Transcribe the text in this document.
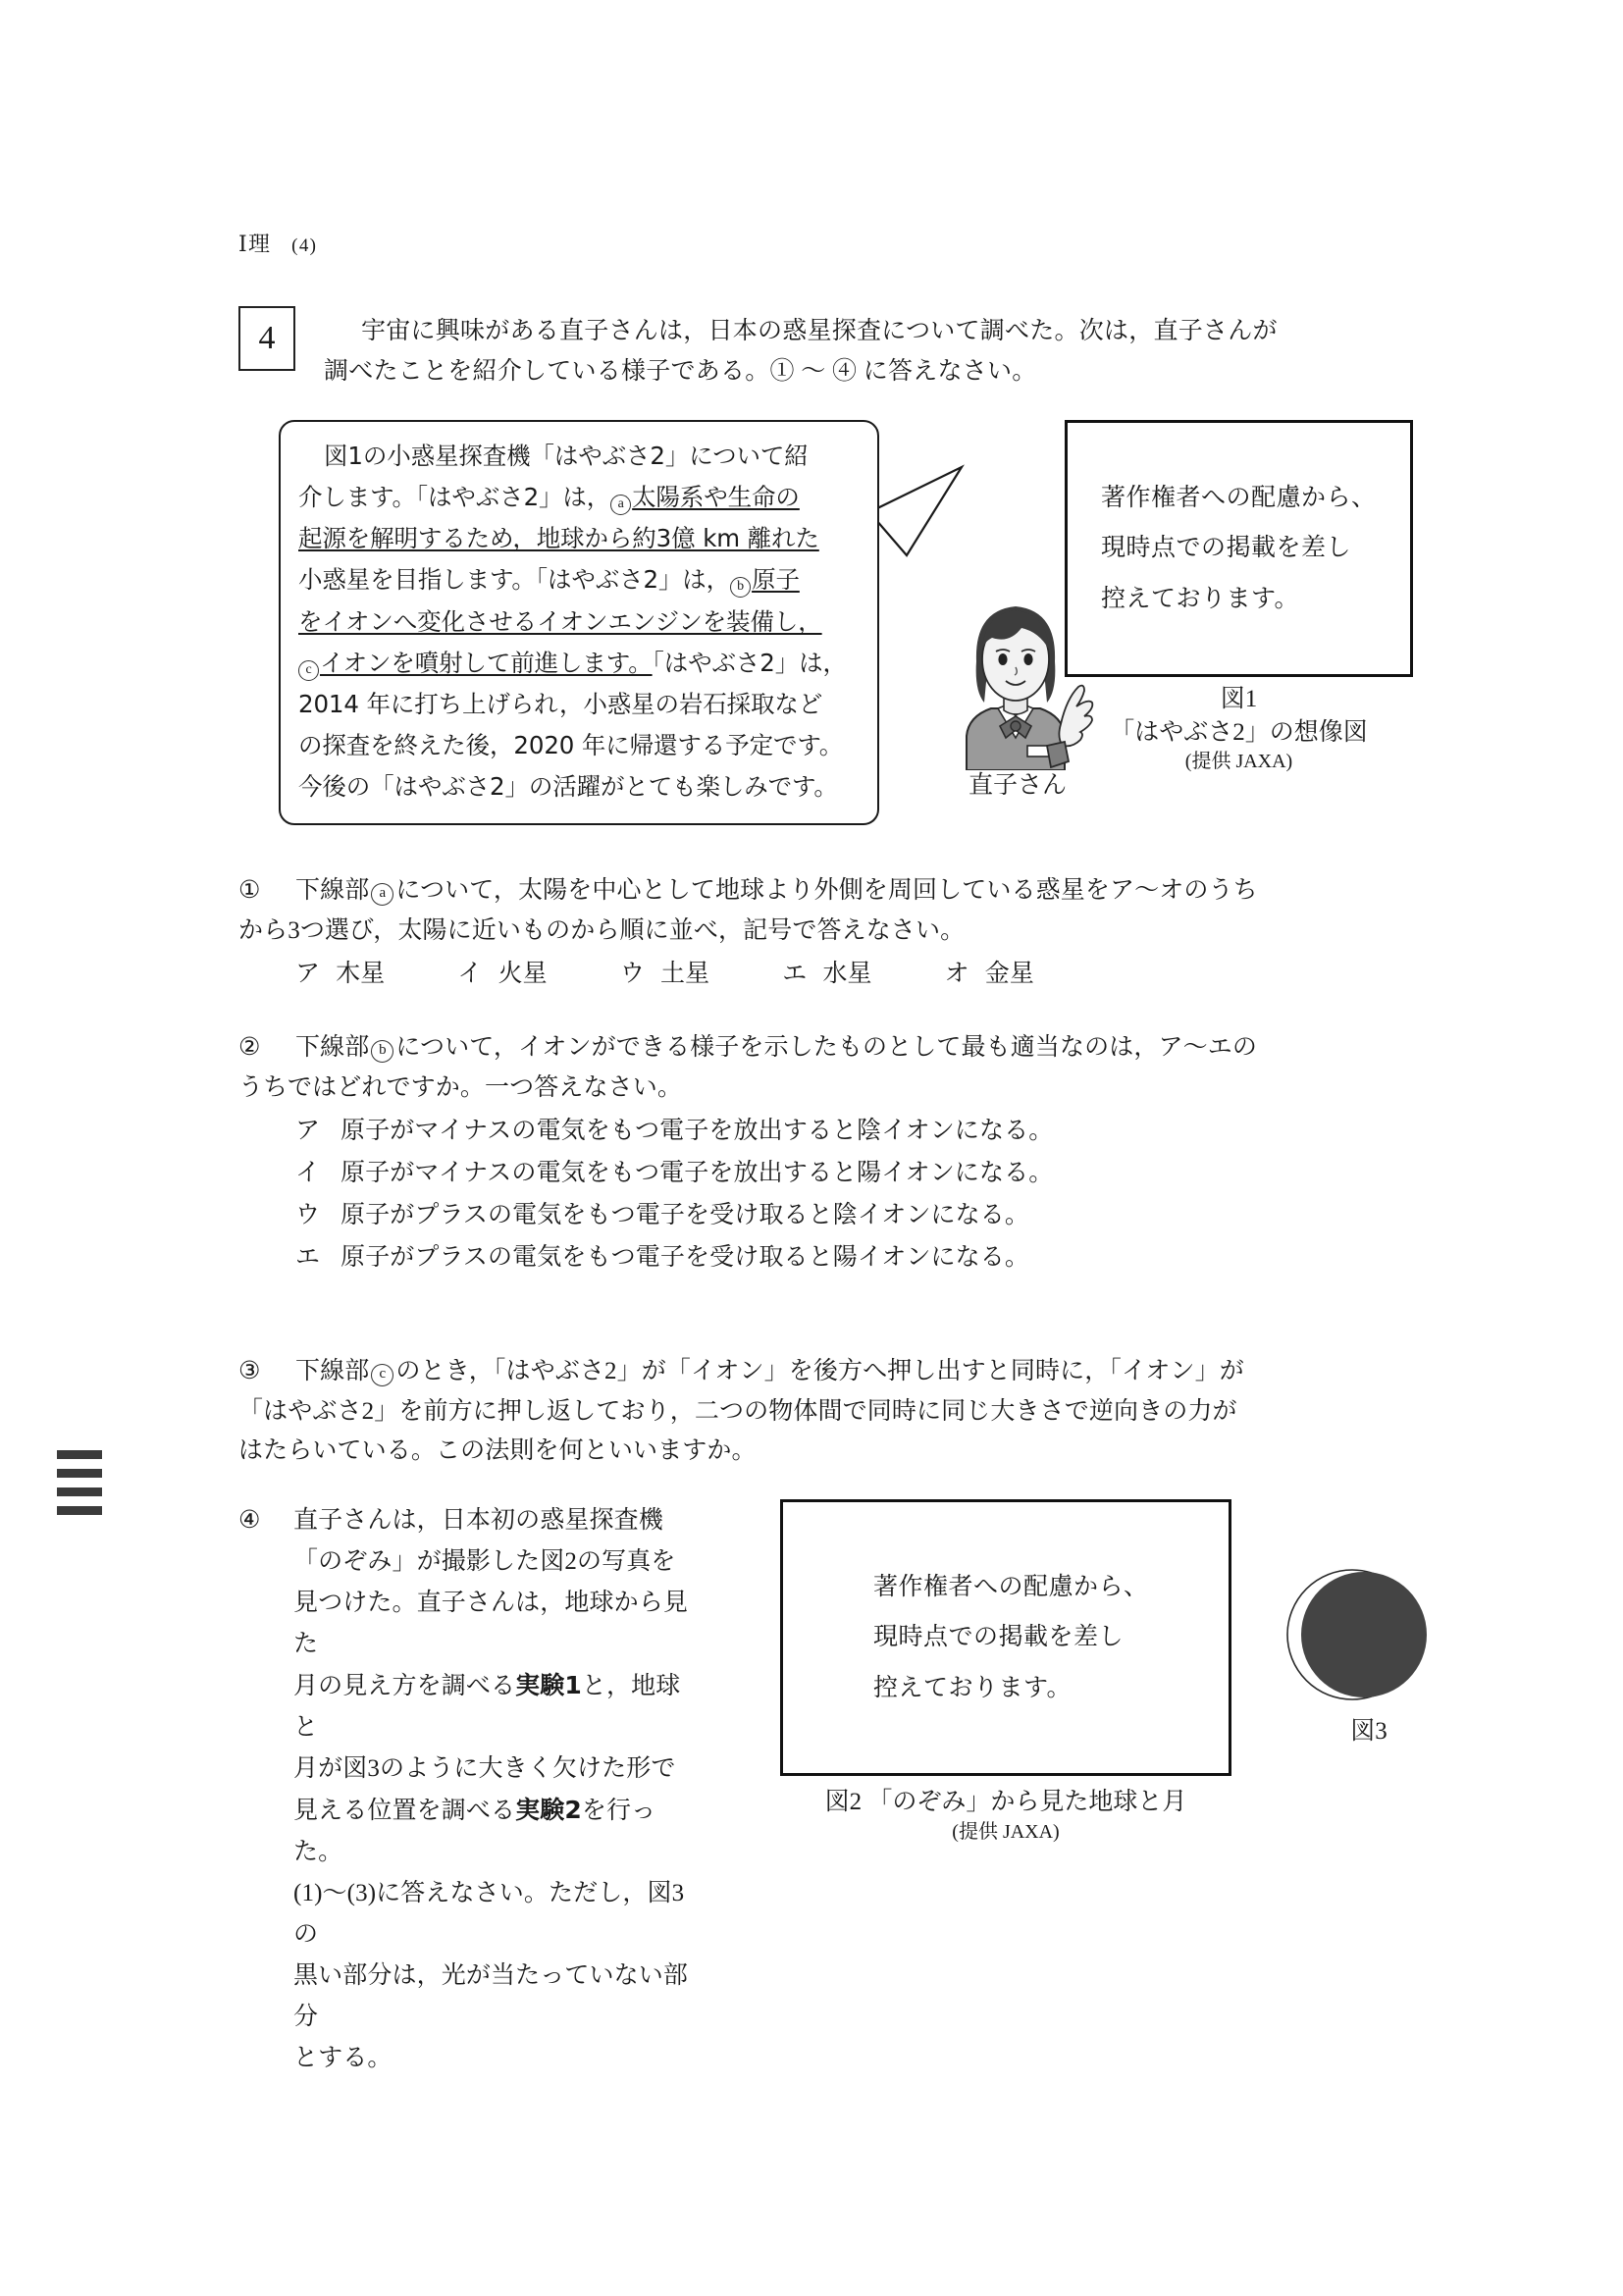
Ⅰ理 (4)
4	宇宙に興味がある直子さんは，日本の惑星探査について調べた。次は，直子さんが
調べたことを紹介している様子である。① ～ ④ に答えなさい。

図1の小惑星探査機「はやぶさ2」について紹

介します。「はやぶさ2」は， a 太陽系や生命の

起源を解明するため，地球から約3億 km 離れた

小惑星を目指します。「はやぶさ2」は， b 原子

をイオンへ変化させるイオンエンジンを装備し，

c イオンを噴射して前進します。「はやぶさ2」は，

2014 年に打ち上げられ，小惑星の岩石採取など

の探査を終えた後，2020 年に帰還する予定です。

今後の「はやぶさ2」の活躍がとても楽しみです。	直子さん
著作権者への配慮から、
現時点での掲載を差し
控えております。
図1
「はやぶさ2」の想像図
(提供 JAXA)
①	下線部 a について，太陽を中心として地球より外側を周回している惑星をア～オのうち
から3つ選び，太陽に近いものから順に並べ，記号で答えなさい。
ア 木星	イ 火星	ウ 土星	エ 水星	オ 金星
②	下線部 b について，イオンができる様子を示したものとして最も適当なのは，ア～エの
うちではどれですか。一つ答えなさい。
ア 原子がマイナスの電気をもつ電子を放出すると陰イオンになる。
イ 原子がマイナスの電気をもつ電子を放出すると陽イオンになる。
ウ 原子がプラスの電気をもつ電子を受け取ると陰イオンになる。
エ 原子がプラスの電気をもつ電子を受け取ると陽イオンになる。
③	下線部 c のとき，「はやぶさ2」が「イオン」を後方へ押し出すと同時に，「イオン」が
「はやぶさ2」を前方に押し返しており，二つの物体間で同時に同じ大きさで逆向きの力が
はたらいている。この法則を何といいますか。
④	直子さんは，日本初の惑星探査機
「のぞみ」が撮影した図2の写真を
見つけた。直子さんは，地球から見た
月の見え方を調べる実験1と，地球と
月が図3のように大きく欠けた形で
見える位置を調べる実験2を行った。
(1)～(3)に答えなさい。ただし，図3の
黒い部分は，光が当たっていない部分
とする。
著作権者への配慮から、
現時点での掲載を差し
控えております。
図2 「のぞみ」から見た地球と月
(提供 JAXA)
図3
